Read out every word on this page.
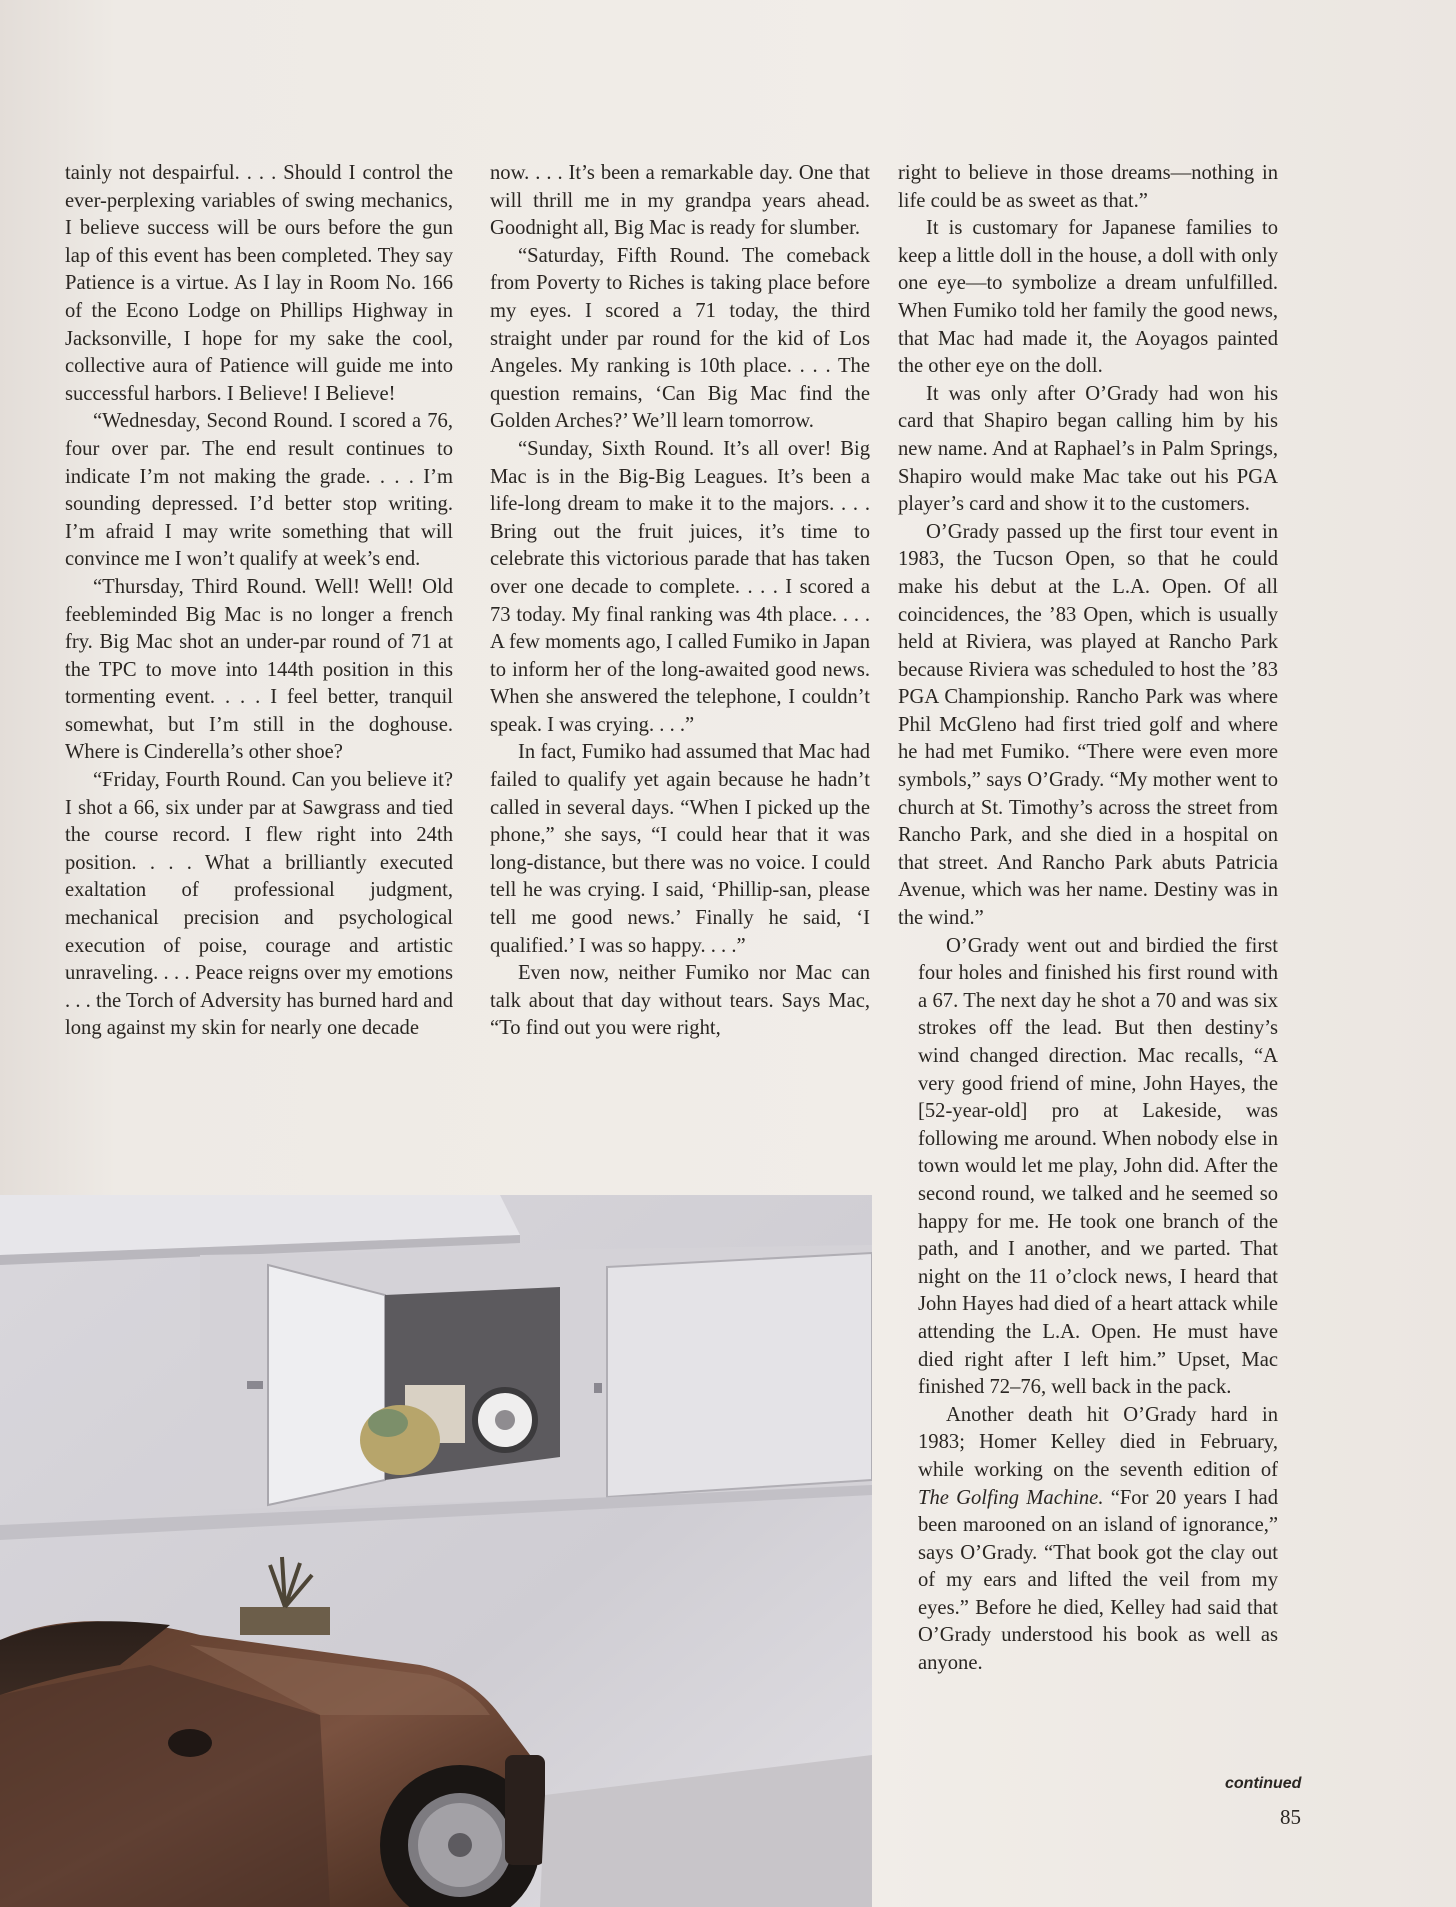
tainly not despairful. . . . Should I control the ever-perplexing variables of swing mechanics, I believe success will be ours before the gun lap of this event has been completed. They say Patience is a virtue. As I lay in Room No. 166 of the Econo Lodge on Phillips Highway in Jacksonville, I hope for my sake the cool, collective aura of Patience will guide me into successful harbors. I Believe! I Believe!

“Wednesday, Second Round. I scored a 76, four over par. The end result continues to indicate I’m not making the grade. . . . I’m sounding depressed. I’d better stop writing. I’m afraid I may write something that will convince me I won’t qualify at week’s end.

“Thursday, Third Round. Well! Well! Old feebleminded Big Mac is no longer a french fry. Big Mac shot an under-par round of 71 at the TPC to move into 144th position in this tormenting event. . . . I feel better, tranquil somewhat, but I’m still in the doghouse. Where is Cinderella’s other shoe?

“Friday, Fourth Round. Can you believe it? I shot a 66, six under par at Sawgrass and tied the course record. I flew right into 24th position. . . . What a brilliantly executed exaltation of professional judgment, mechanical precision and psychological execution of poise, courage and artistic unraveling. . . . Peace reigns over my emotions . . . the Torch of Adversity has burned hard and long against my skin for nearly one decade

now. . . . It’s been a remarkable day. One that will thrill me in my grandpa years ahead. Goodnight all, Big Mac is ready for slumber.

“Saturday, Fifth Round. The comeback from Poverty to Riches is taking place before my eyes. I scored a 71 today, the third straight under par round for the kid of Los Angeles. My ranking is 10th place. . . . The question remains, ‘Can Big Mac find the Golden Arches?’ We’ll learn tomorrow.

“Sunday, Sixth Round. It’s all over! Big Mac is in the Big-Big Leagues. It’s been a life-long dream to make it to the majors. . . . Bring out the fruit juices, it’s time to celebrate this victorious parade that has taken over one decade to complete. . . . I scored a 73 today. My final ranking was 4th place. . . . A few moments ago, I called Fumiko in Japan to inform her of the long-awaited good news. When she answered the telephone, I couldn’t speak. I was crying. . . .”

In fact, Fumiko had assumed that Mac had failed to qualify yet again because he hadn’t called in several days. “When I picked up the phone,” she says, “I could hear that it was long-distance, but there was no voice. I could tell he was crying. I said, ‘Phillip-san, please tell me good news.’ Finally he said, ‘I qualified.’ I was so happy. . . .”

Even now, neither Fumiko nor Mac can talk about that day without tears. Says Mac, “To find out you were right,

right to believe in those dreams—nothing in life could be as sweet as that.”

It is customary for Japanese families to keep a little doll in the house, a doll with only one eye—to symbolize a dream unfulfilled. When Fumiko told her family the good news, that Mac had made it, the Aoyagos painted the other eye on the doll.

It was only after O’Grady had won his card that Shapiro began calling him by his new name. And at Raphael’s in Palm Springs, Shapiro would make Mac take out his PGA player’s card and show it to the customers.

O’Grady passed up the first tour event in 1983, the Tucson Open, so that he could make his debut at the L.A. Open. Of all coincidences, the ’83 Open, which is usually held at Riviera, was played at Rancho Park because Riviera was scheduled to host the ’83 PGA Championship. Rancho Park was where Phil McGleno had first tried golf and where he had met Fumiko. “There were even more symbols,” says O’Grady. “My mother went to church at St. Timothy’s across the street from Rancho Park, and she died in a hospital on that street. And Rancho Park abuts Patricia Avenue, which was her name. Destiny was in the wind.”

O’Grady went out and birdied the first four holes and finished his first round with a 67. The next day he shot a 70 and was six strokes off the lead. But then destiny’s wind changed direction. Mac recalls, “A very good friend of mine, John Hayes, the [52-year-old] pro at Lakeside, was following me around. When nobody else in town would let me play, John did. After the second round, we talked and he seemed so happy for me. He took one branch of the path, and I another, and we parted. That night on the 11 o’clock news, I heard that John Hayes had died of a heart attack while attending the L.A. Open. He must have died right after I left him.” Upset, Mac finished 72–76, well back in the pack.

Another death hit O’Grady hard in 1983; Homer Kelley died in February, while working on the seventh edition of The Golfing Machine. “For 20 years I had been marooned on an island of ignorance,” says O’Grady. “That book got the clay out of my ears and lifted the veil from my eyes.” Before he died, Kelley had said that O’Grady understood his book as well as anyone.

continued
85
